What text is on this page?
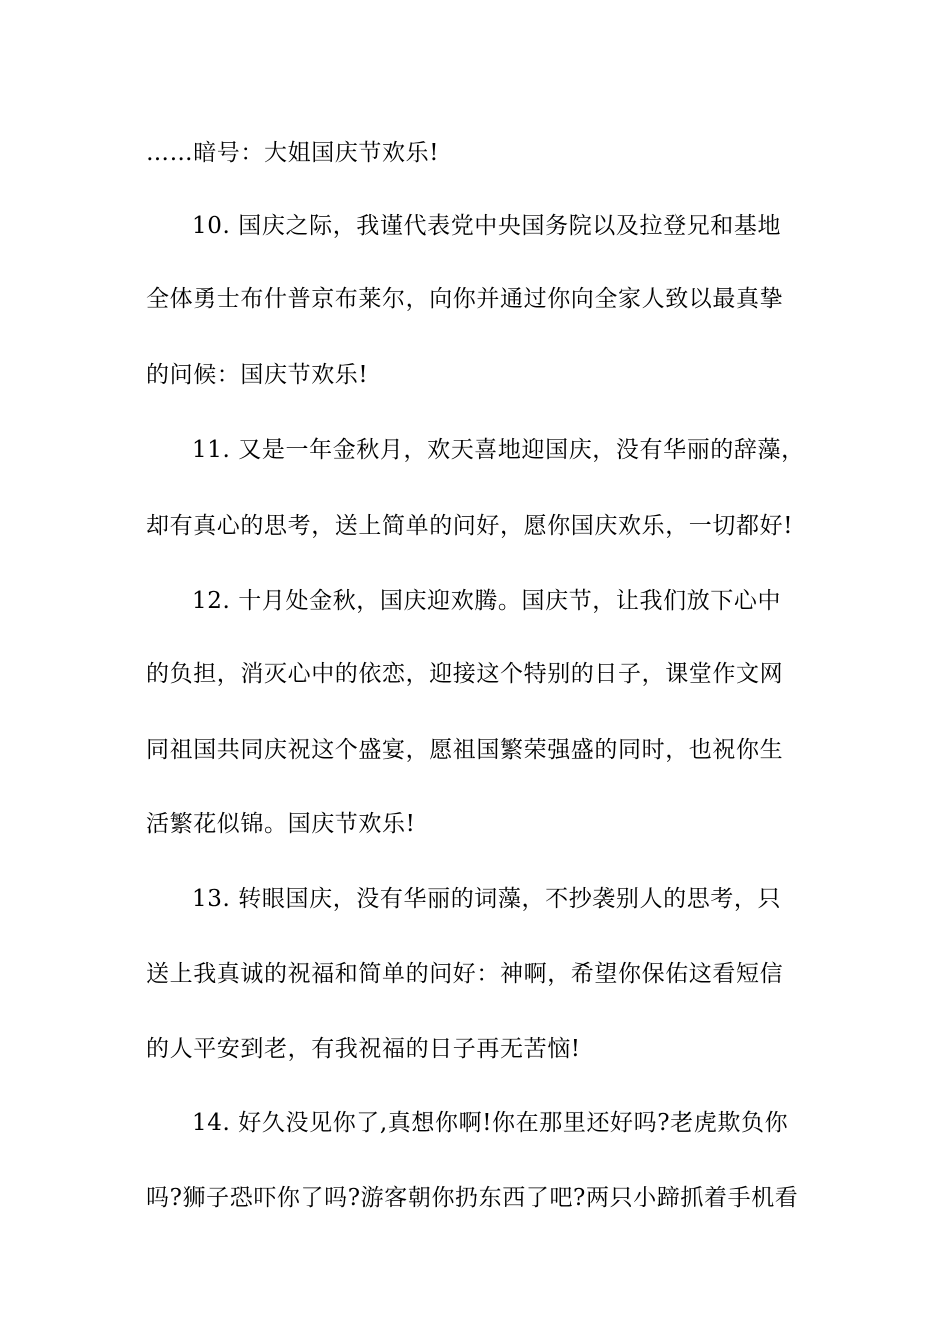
……暗号：大姐国庆节欢乐!
10. 国庆之际，我谨代表党中央国务院以及拉登兄和基地
全体勇士布什普京布莱尔，向你并通过你向全家人致以最真挚
的问候：国庆节欢乐!
11. 又是一年金秋月，欢天喜地迎国庆，没有华丽的辞藻，
却有真心的思考，送上简单的问好，愿你国庆欢乐，一切都好!
12. 十月处金秋，国庆迎欢腾。国庆节，让我们放下心中
的负担，消灭心中的依恋，迎接这个特别的日子，课堂作文网
同祖国共同庆祝这个盛宴，愿祖国繁荣强盛的同时，也祝你生
活繁花似锦。国庆节欢乐!
13. 转眼国庆，没有华丽的词藻，不抄袭别人的思考，只
送上我真诚的祝福和简单的问好：神啊，希望你保佑这看短信
的人平安到老，有我祝福的日子再无苦恼!
14. 好久没见你了,真想你啊!你在那里还好吗?老虎欺负你
吗?狮子恐吓你了吗?游客朝你扔东西了吧?两只小蹄抓着手机看
